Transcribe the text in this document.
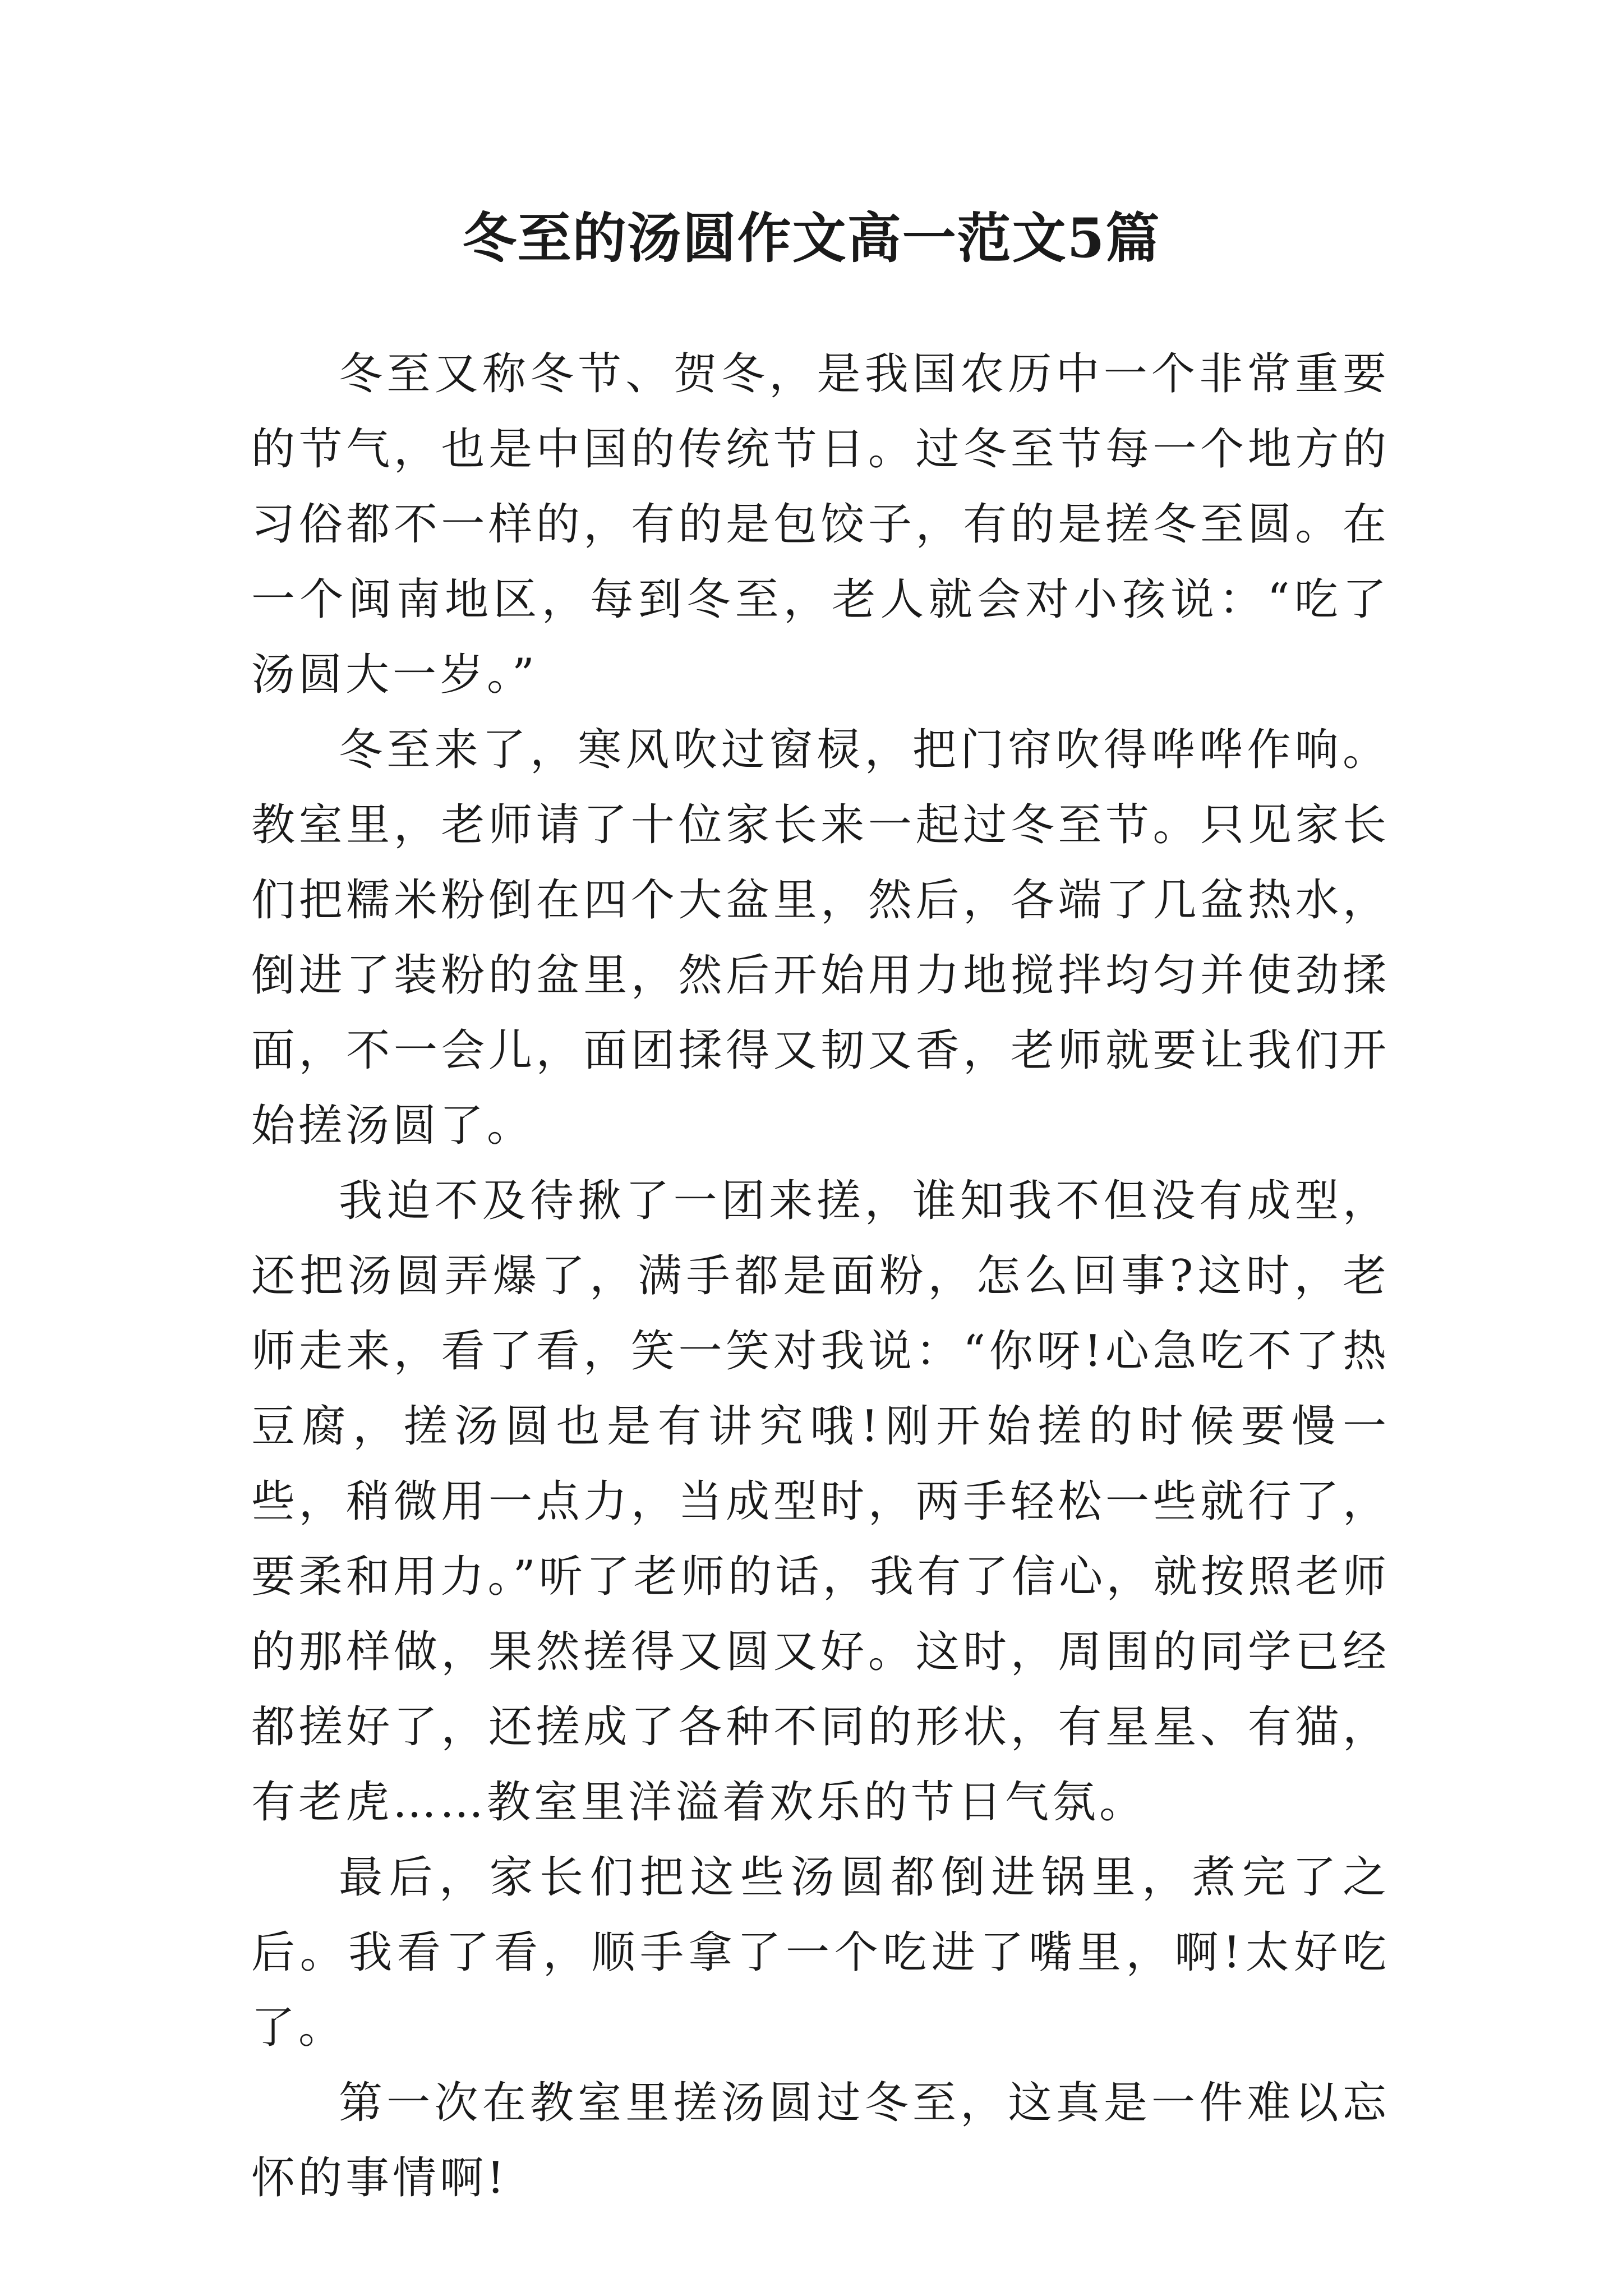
冬至的汤圆作文高一范文5篇

冬至又称冬节、贺冬，是我国农历中一个非常重要的节气，也是中国的传统节日。过冬至节每一个地方的习俗都不一样的，有的是包饺子，有的是搓冬至圆。在一个闽南地区，每到冬至，老人就会对小孩说：“吃了汤圆大一岁。”

冬至来了，寒风吹过窗棂，把门帘吹得哗哗作响。教室里，老师请了十位家长来一起过冬至节。只见家长们把糯米粉倒在四个大盆里，然后，各端了几盆热水，倒进了装粉的盆里，然后开始用力地搅拌均匀并使劲揉面，不一会儿，面团揉得又韧又香，老师就要让我们开始搓汤圆了。

我迫不及待揪了一团来搓，谁知我不但没有成型，还把汤圆弄爆了，满手都是面粉，怎么回事?这时，老师走来，看了看，笑一笑对我说：“你呀!心急吃不了热豆腐，搓汤圆也是有讲究哦!刚开始搓的时候要慢一些，稍微用一点力，当成型时，两手轻松一些就行了，要柔和用力。”听了老师的话，我有了信心，就按照老师的那样做，果然搓得又圆又好。这时，周围的同学已经都搓好了，还搓成了各种不同的形状，有星星、有猫，有老虎……教室里洋溢着欢乐的节日气氛。

最后，家长们把这些汤圆都倒进锅里，煮完了之后。我看了看，顺手拿了一个吃进了嘴里，啊!太好吃了。

第一次在教室里搓汤圆过冬至，这真是一件难以忘怀的事情啊!
